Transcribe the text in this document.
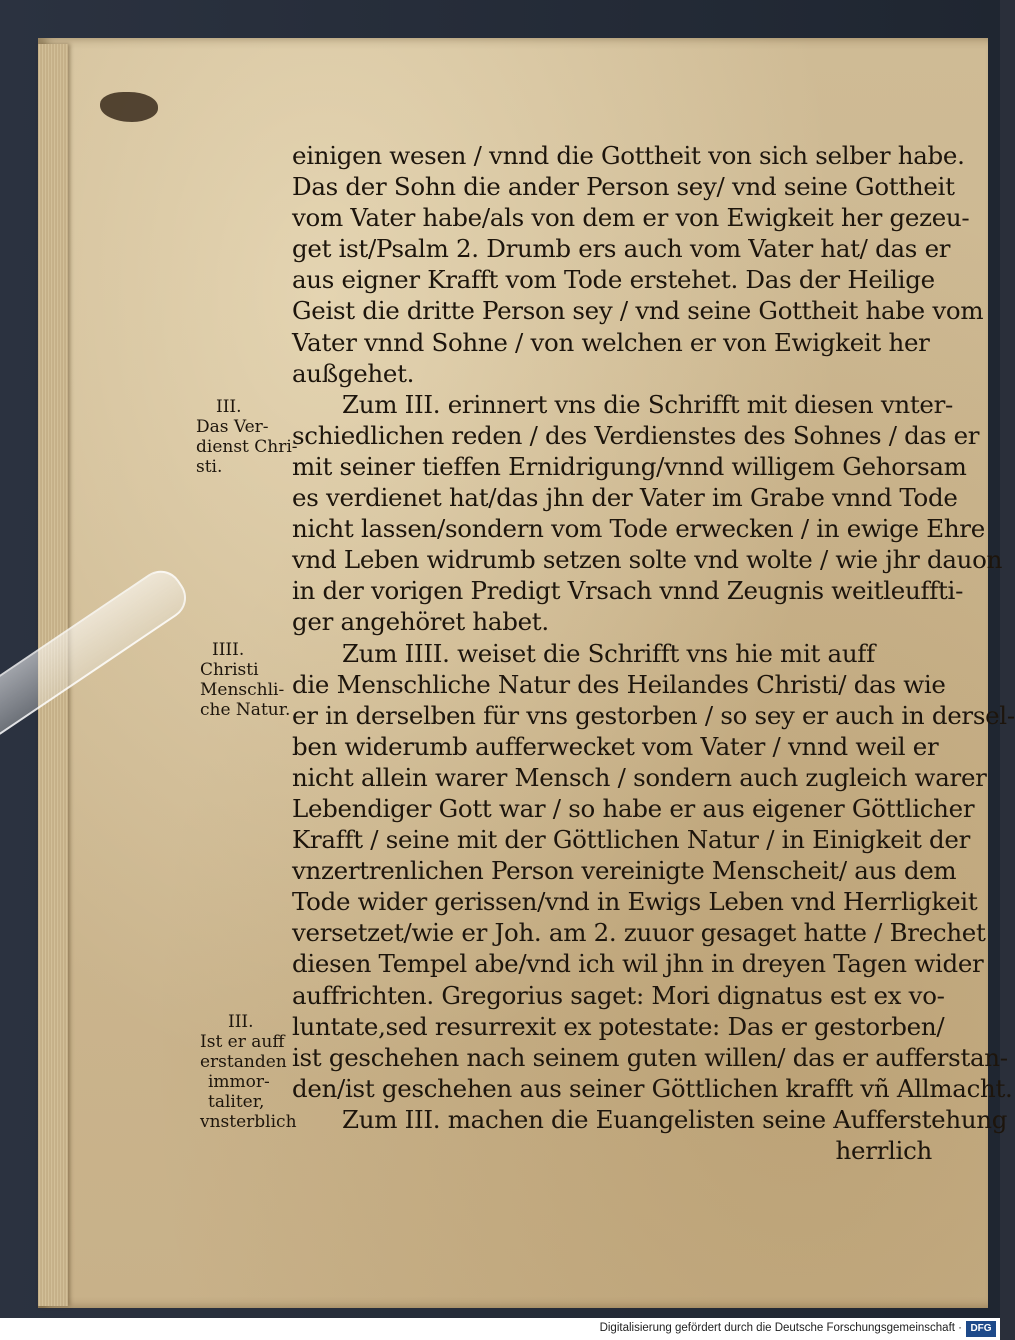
einigen wesen / vnnd die Gottheit von sich selber habe.
Das der Sohn die ander Person sey/ vnd seine Gottheit
vom Vater habe/als von dem er von Ewigkeit her gezeu-
get ist/Psalm 2. Drumb ers auch vom Vater hat/ das er
aus eigner Krafft vom Tode erstehet. Das der Heilige
Geist die dritte Person sey / vnd seine Gottheit habe vom
Vater vnnd Sohne / von welchen er von Ewigkeit her
außgehet.
Zum III. erinnert vns die Schrifft mit diesen vnter-
schiedlichen reden / des Verdienstes des Sohnes / das er
mit seiner tieffen Ernidrigung/vnnd willigem Gehorsam
es verdienet hat/das jhn der Vater im Grabe vnnd Tode
nicht lassen/sondern vom Tode erwecken / in ewige Ehre
vnd Leben widrumb setzen solte vnd wolte / wie jhr dauon
in der vorigen Predigt Vrsach vnnd Zeugnis weitleuffti-
ger angehöret habet.
Zum IIII. weiset die Schrifft vns hie mit auff
die Menschliche Natur des Heilandes Christi/ das wie
er in derselben für vns gestorben / so sey er auch in dersel-
ben widerumb aufferwecket vom Vater / vnnd weil er
nicht allein warer Mensch / sondern auch zugleich warer
Lebendiger Gott war / so habe er aus eigener Göttlicher
Krafft / seine mit der Göttlichen Natur / in Einigkeit der
vnzertrenlichen Person vereinigte Menscheit/ aus dem
Tode wider gerissen/vnd in Ewigs Leben vnd Herrligkeit
versetzet/wie er Joh. am 2. zuuor gesaget hatte / Brechet
diesen Tempel abe/vnd ich wil jhn in dreyen Tagen wider
auffrichten. Gregorius saget: Mori dignatus est ex vo-
luntate,sed resurrexit ex potestate: Das er gestorben/
ist geschehen nach seinem guten willen/ das er aufferstan-
den/ist geschehen aus seiner Göttlichen krafft vñ Allmacht.
Zum III. machen die Euangelisten seine Aufferstehung
herrlich
III.
Das Ver-
dienst Chri-
sti.
IIII.
Christi
Menschli-
che Natur.
III.
Ist er auff
erstanden
immor-
taliter,
vnsterblich
Digitalisierung gefördert durch die Deutsche Forschungsgemeinschaft · DFG
